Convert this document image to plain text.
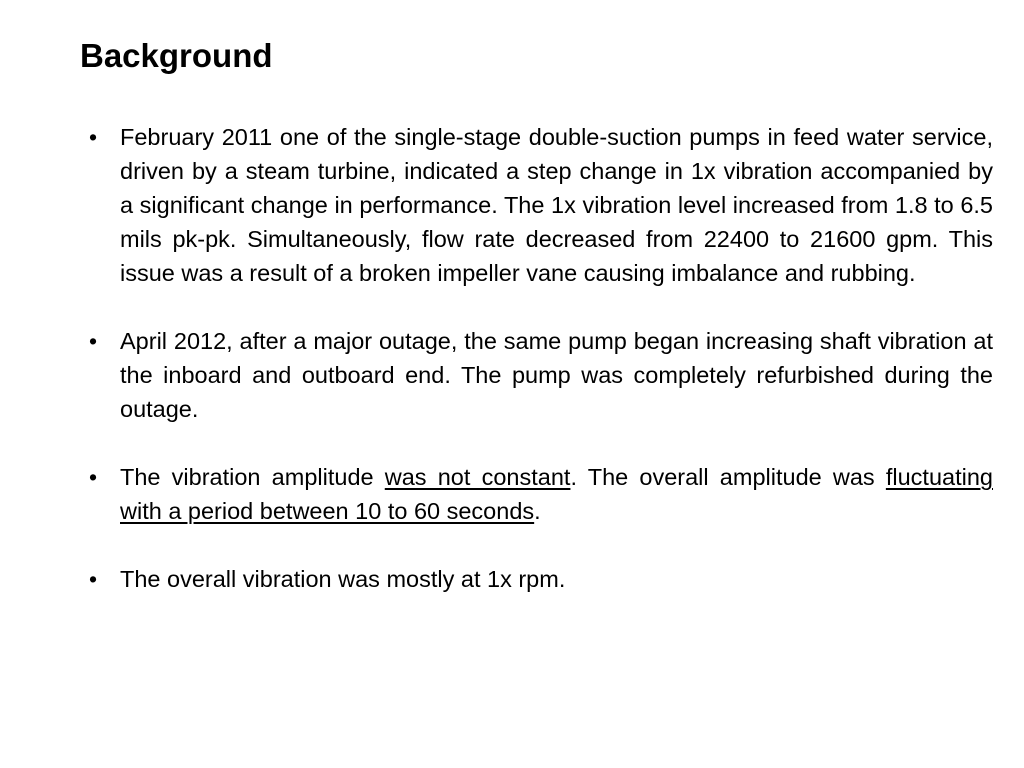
Background
• February 2011 one of the single-stage double-suction pumps in feed water service, driven by a steam turbine, indicated a step change in 1x vibration accompanied by a significant change in performance. The 1x vibration level increased from 1.8 to 6.5 mils pk-pk. Simultaneously, flow rate decreased from 22400 to 21600 gpm. This issue was a result of a broken impeller vane causing imbalance and rubbing.
• April 2012, after a major outage, the same pump began increasing shaft vibration at the inboard and outboard end. The pump was completely refurbished during the outage.
• The vibration amplitude was not constant. The overall amplitude was fluctuating with a period between 10 to 60 seconds.
• The overall vibration was mostly at 1x rpm.
